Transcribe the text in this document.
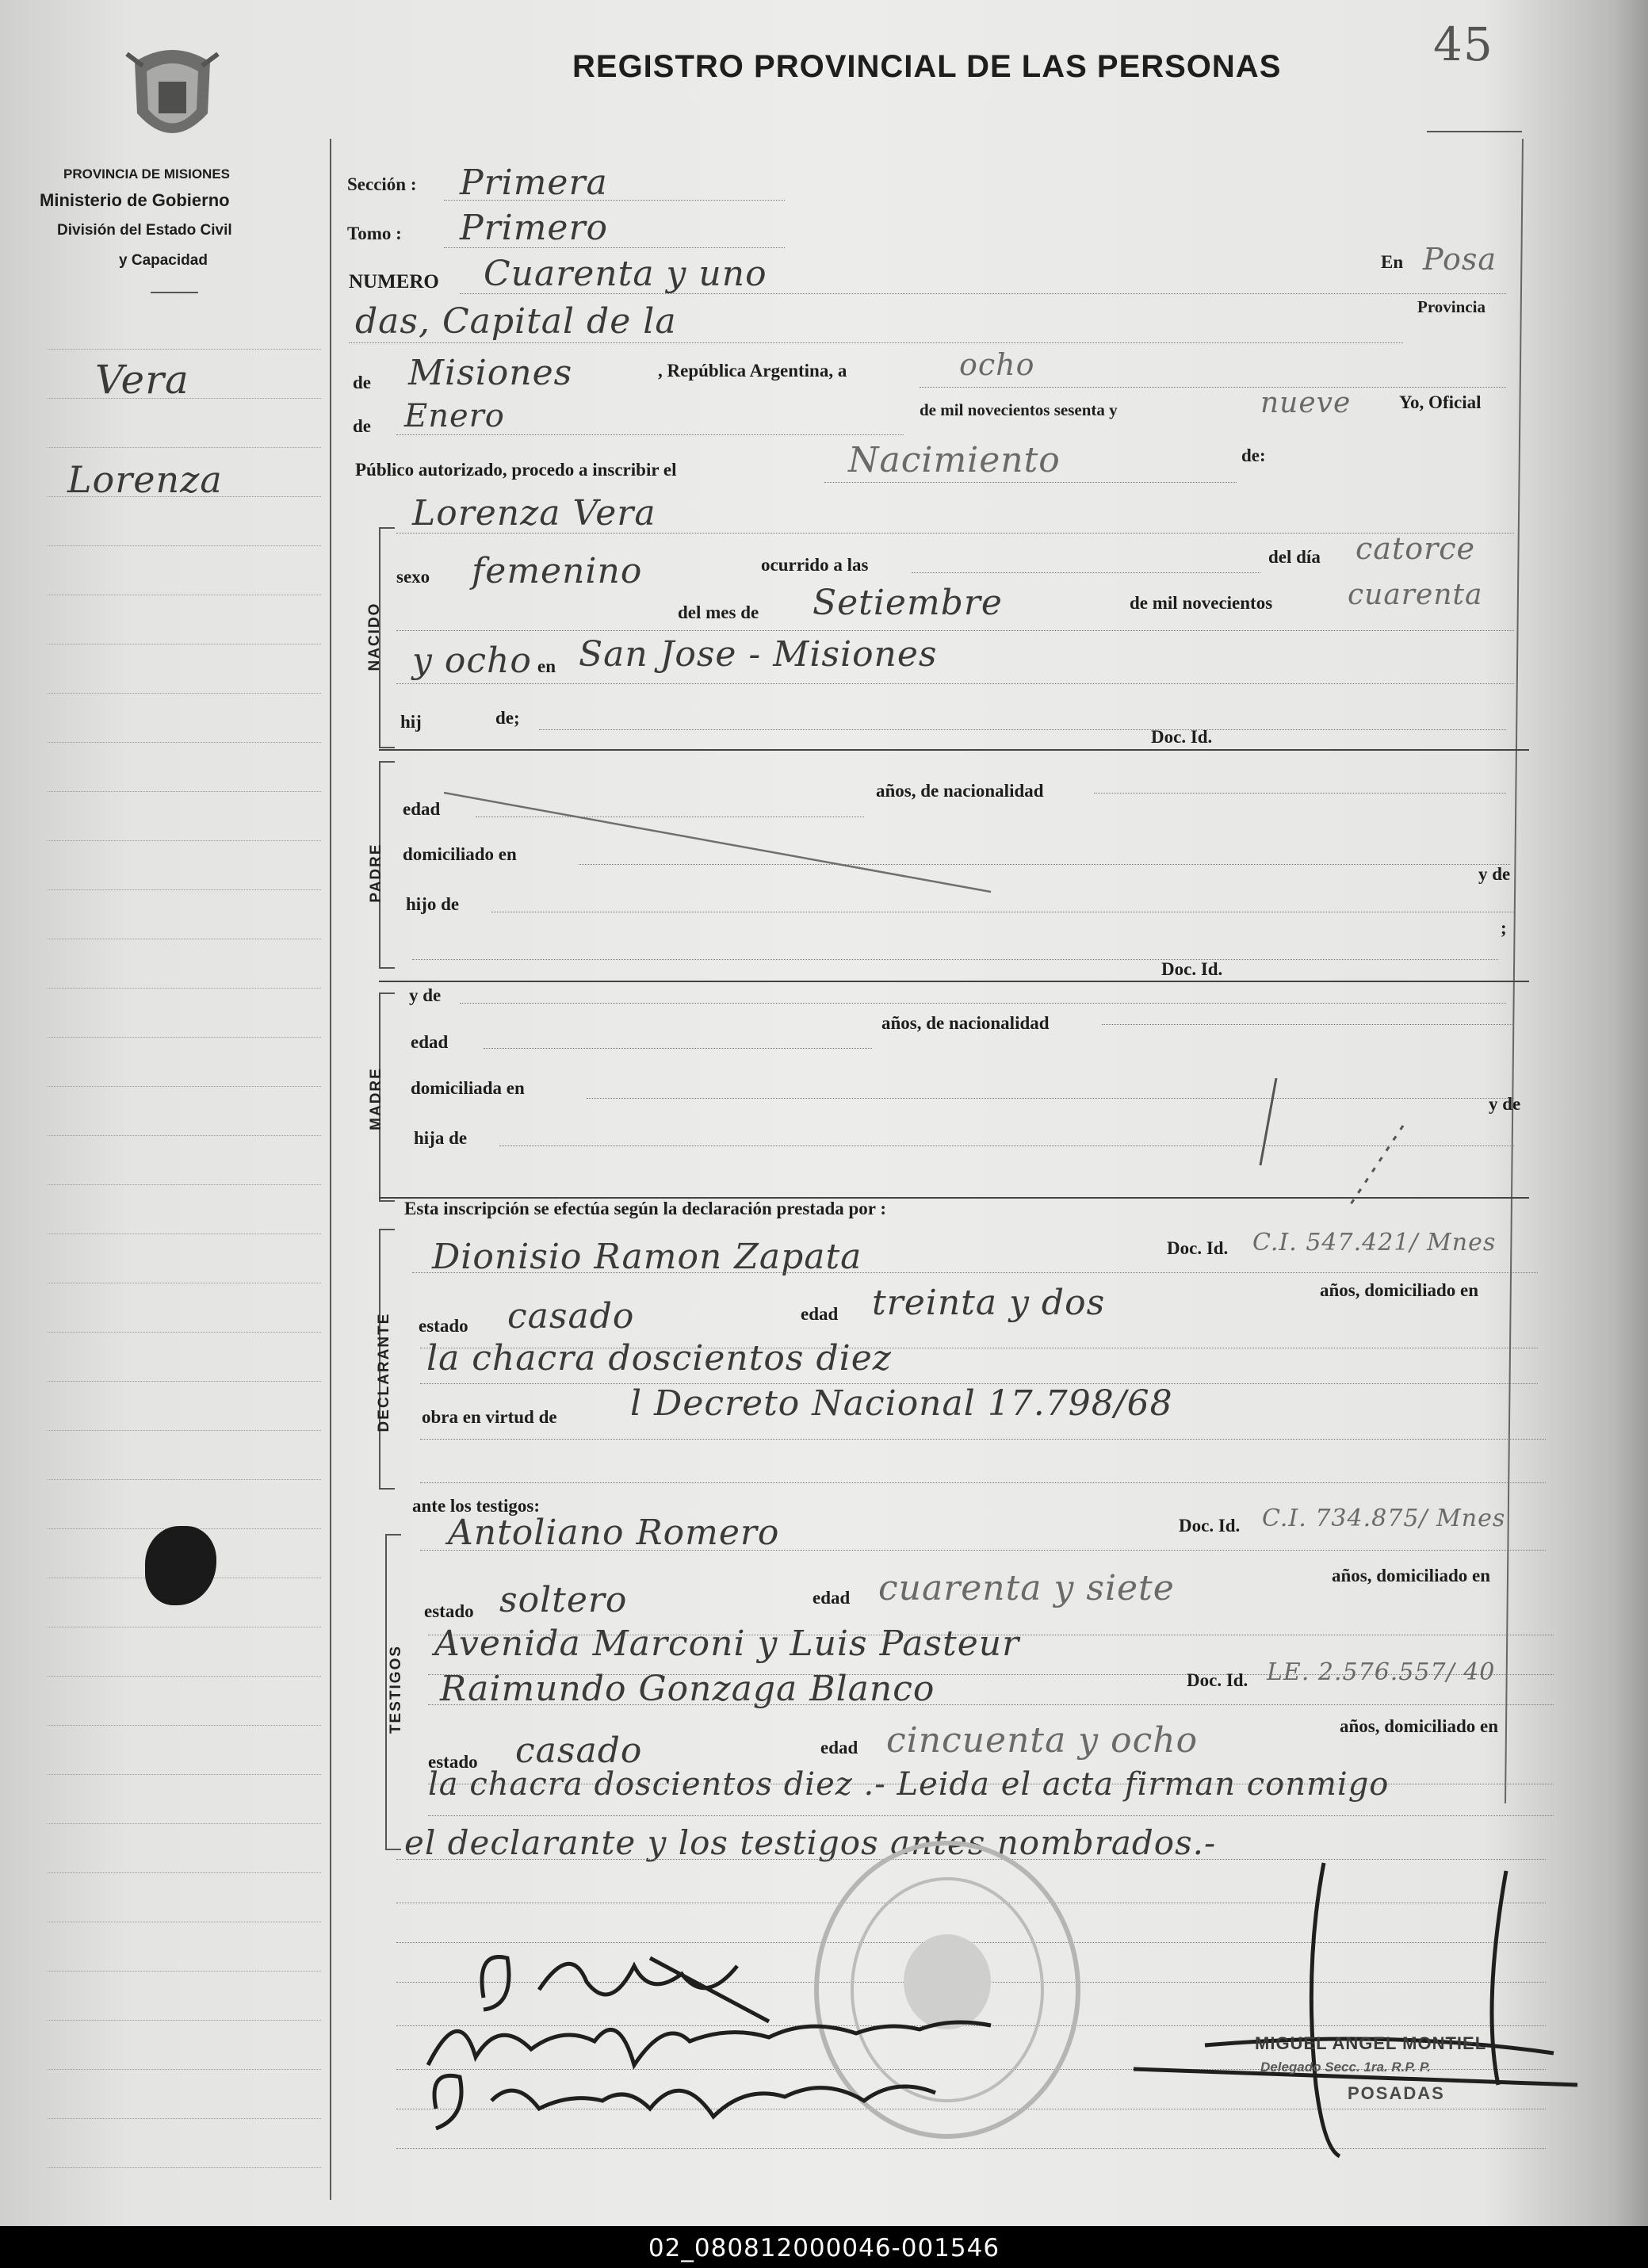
PROVINCIA DE MISIONES
Ministerio de Gobierno
División del Estado Civil
y Capacidad
REGISTRO PROVINCIAL DE LAS PERSONAS	45
Vera
Lorenza
Sección : Primera
Tomo : Primero
NUMERO Cuarenta y uno	En Posa
das, Capital de la	Provincia
de Misiones	, República Argentina, a	ocho
de Enero	de mil novecientos sesenta y	nueve	Yo, Oficial
Público autorizado, procedo a inscribir el	Nacimiento	de:
Lorenza Vera
NACIDO
sexo femenino	ocurrido a las	del día catorce
del mes de Setiembre	de mil novecientos	cuarenta
y ocho en San Jose - Misiones
hij	de;
Doc. Id.
PADRE
edad
años, de nacionalidad
domiciliado en
y de
hijo de
;
Doc. Id.
MADRE
y de
edad
años, de nacionalidad
domiciliada en
y de
hija de
Esta inscripción se efectúa según la declaración prestada por :
DECLARANTE
Dionisio Ramon Zapata	Doc. Id. C.I. 547.421/ Mnes
estado casado	edad treinta y dos	años, domiciliado en
la chacra doscientos diez
obra en virtud de l Decreto Nacional 17.798/68
ante los testigos:
TESTIGOS
Antoliano Romero	Doc. Id. C.I. 734.875/ Mnes
estado soltero	edad cuarenta y siete	años, domiciliado en
Avenida Marconi y Luis Pasteur
Raimundo Gonzaga Blanco	Doc. Id. LE. 2.576.557/ 40
estado casado	edad cincuenta y ocho	años, domiciliado en
la chacra doscientos diez .- Leida el acta firman conmigo
el declarante y los testigos antes nombrados.-
MIGUEL ANGEL MONTIEL
Delegado Secc. 1ra. R.P. P.
POSADAS
02_080812000046-001546
